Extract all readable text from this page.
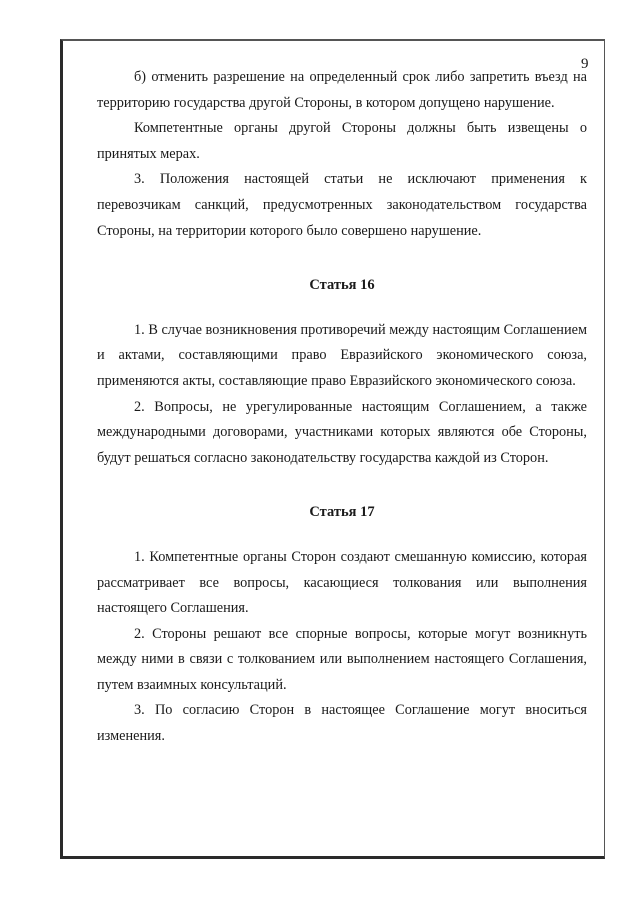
9

б) отменить разрешение на определенный срок либо запретить въезд на территорию государства другой Стороны, в котором допущено нарушение.

Компетентные органы другой Стороны должны быть извещены о принятых мерах.

3. Положения настоящей статьи не исключают применения к перевозчикам санкций, предусмотренных законодательством государства Стороны, на территории которого было совершено нарушение.

Статья 16

1. В случае возникновения противоречий между настоящим Соглашением и актами, составляющими право Евразийского экономического союза, применяются акты, составляющие право Евразийского экономического союза.

2. Вопросы, не урегулированные настоящим Соглашением, а также международными договорами, участниками которых являются обе Стороны, будут решаться согласно законодательству государства каждой из Сторон.

Статья 17

1. Компетентные органы Сторон создают смешанную комиссию, которая рассматривает все вопросы, касающиеся толкования или выполнения настоящего Соглашения.

2. Стороны решают все спорные вопросы, которые могут возникнуть между ними в связи с толкованием или выполнением настоящего Соглашения, путем взаимных консультаций.

3. По согласию Сторон в настоящее Соглашение могут вноситься изменения.
